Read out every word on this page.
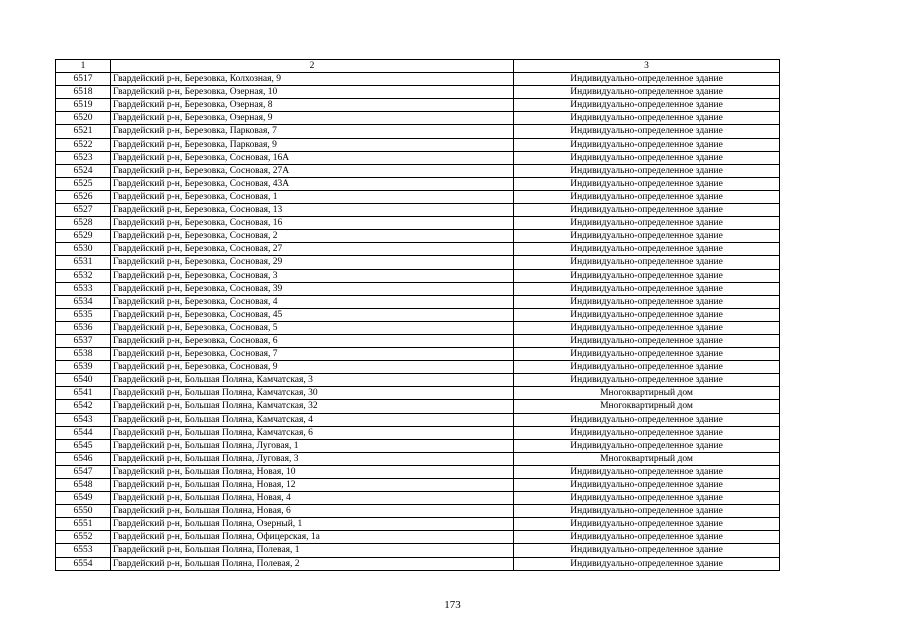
1	2	3
6517	Гвардейский р-н, Березовка, Колхозная, 9	Индивидуально-определенное здание
6518	Гвардейский р-н, Березовка, Озерная, 10	Индивидуально-определенное здание
6519	Гвардейский р-н, Березовка, Озерная, 8	Индивидуально-определенное здание
6520	Гвардейский р-н, Березовка, Озерная, 9	Индивидуально-определенное здание
6521	Гвардейский р-н, Березовка, Парковая, 7	Индивидуально-определенное здание
6522	Гвардейский р-н, Березовка, Парковая, 9	Индивидуально-определенное здание
6523	Гвардейский р-н, Березовка, Сосновая, 16А	Индивидуально-определенное здание
6524	Гвардейский р-н, Березовка, Сосновая, 27А	Индивидуально-определенное здание
6525	Гвардейский р-н, Березовка, Сосновая, 43А	Индивидуально-определенное здание
6526	Гвардейский р-н, Березовка, Сосновая, 1	Индивидуально-определенное здание
6527	Гвардейский р-н, Березовка, Сосновая, 13	Индивидуально-определенное здание
6528	Гвардейский р-н, Березовка, Сосновая, 16	Индивидуально-определенное здание
6529	Гвардейский р-н, Березовка, Сосновая, 2	Индивидуально-определенное здание
6530	Гвардейский р-н, Березовка, Сосновая, 27	Индивидуально-определенное здание
6531	Гвардейский р-н, Березовка, Сосновая, 29	Индивидуально-определенное здание
6532	Гвардейский р-н, Березовка, Сосновая, 3	Индивидуально-определенное здание
6533	Гвардейский р-н, Березовка, Сосновая, 39	Индивидуально-определенное здание
6534	Гвардейский р-н, Березовка, Сосновая, 4	Индивидуально-определенное здание
6535	Гвардейский р-н, Березовка, Сосновая, 45	Индивидуально-определенное здание
6536	Гвардейский р-н, Березовка, Сосновая, 5	Индивидуально-определенное здание
6537	Гвардейский р-н, Березовка, Сосновая, 6	Индивидуально-определенное здание
6538	Гвардейский р-н, Березовка, Сосновая, 7	Индивидуально-определенное здание
6539	Гвардейский р-н, Березовка, Сосновая, 9	Индивидуально-определенное здание
6540	Гвардейский р-н, Большая Поляна, Камчатская, 3	Индивидуально-определенное здание
6541	Гвардейский р-н, Большая Поляна, Камчатская, 30	Многоквартирный дом
6542	Гвардейский р-н, Большая Поляна, Камчатская, 32	Многоквартирный дом
6543	Гвардейский р-н, Большая Поляна, Камчатская, 4	Индивидуально-определенное здание
6544	Гвардейский р-н, Большая Поляна, Камчатская, 6	Индивидуально-определенное здание
6545	Гвардейский р-н, Большая Поляна, Луговая, 1	Индивидуально-определенное здание
6546	Гвардейский р-н, Большая Поляна, Луговая, 3	Многоквартирный дом
6547	Гвардейский р-н, Большая Поляна, Новая, 10	Индивидуально-определенное здание
6548	Гвардейский р-н, Большая Поляна, Новая, 12	Индивидуально-определенное здание
6549	Гвардейский р-н, Большая Поляна, Новая, 4	Индивидуально-определенное здание
6550	Гвардейский р-н, Большая Поляна, Новая, 6	Индивидуально-определенное здание
6551	Гвардейский р-н, Большая Поляна, Озерный, 1	Индивидуально-определенное здание
6552	Гвардейский р-н, Большая Поляна, Офицерская, 1а	Индивидуально-определенное здание
6553	Гвардейский р-н, Большая Поляна, Полевая, 1	Индивидуально-определенное здание
6554	Гвардейский р-н, Большая Поляна, Полевая, 2	Индивидуально-определенное здание
173
